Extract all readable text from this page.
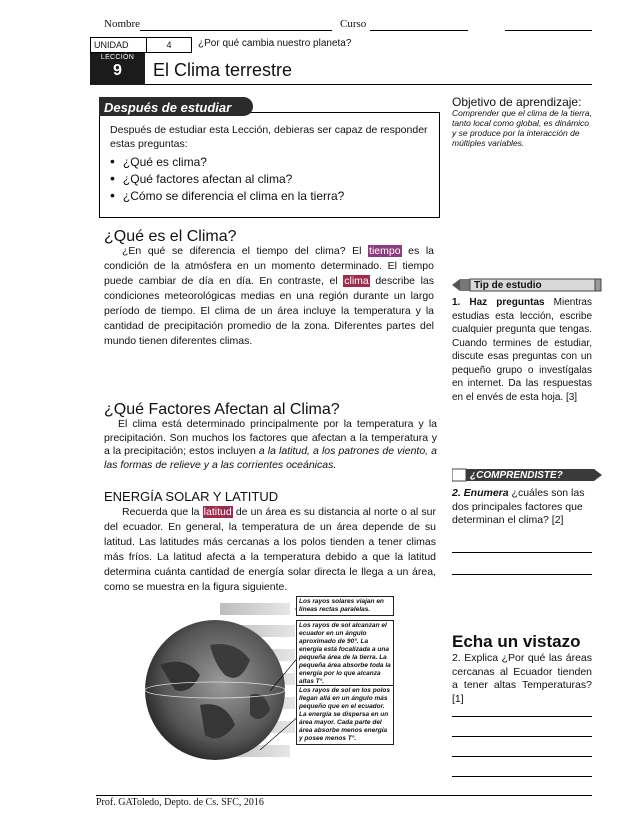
Nombre	Curso
UNIDAD	4	¿Por qué cambia nuestro planeta?
LECCIÓN
9	El Clima terrestre
Después de estudiar
Después de estudiar esta Lección, debieras ser capaz de responder estas preguntas:
• ¿Qué es clima?
• ¿Qué factores afectan al clima?
• ¿Cómo se diferencia el clima en la tierra?
Objetivo de aprendizaje:
Comprender que el clima de la tierra, tanto local como global, es dinámico y se produce por la interacción de múltiples variables.
¿Qué es el Clima?
¿En qué se diferencia el tiempo del clima? El tiempo es la condición de la atmósfera en un momento determinado. El tiempo puede cambiar de día en día. En contraste, el clima describe las condiciones meteorológicas medias en una región durante un largo período de tiempo. El clima de un área incluye la temperatura y la cantidad de precipitación promedio de la zona. Diferentes partes del mundo tienen diferentes climas.
Tip de estudio
1. Haz preguntas Mientras estudias esta lección, escribe cualquier pregunta que tengas. Cuando termines de estudiar, discute esas preguntas con un pequeño grupo o investígalas en internet. Da las respuestas en el envés de esta hoja. [3]
¿Qué Factores Afectan al Clima?
El clima está determinado principalmente por la temperatura y la precipitación. Son muchos los factores que afectan a la temperatura y a la precipitación; estos incluyen a la latitud, a los patrones de viento, a las formas de relieve y a las corrientes oceánicas.
¿COMPRENDISTE?
2. Enumera ¿cuáles son las dos principales factores que determinan el clima? [2]
ENERGÍA SOLAR Y LATITUD
Recuerda que la latitud de un área es su distancia al norte o al sur del ecuador. En general, la temperatura de un área depende de su latitud. Las latitudes más cercanas a los polos tienden a tener climas más fríos. La latitud afecta a la temperatura debido a que la latitud determina cuánta cantidad de energía solar directa le llega a un área, como se muestra en la figura siguiente.
Los rayos solares viajan en líneas rectas paralelas.
Los rayos de sol alcanzan el ecuador en un ángulo aproximado de 90°. La energía está focalizada a una pequeña área de la tierra. La pequeña área absorbe toda la energía por lo que alcanza altas T°.
Los rayos de sol en los polos llegan allá en un ángulo más pequeño que en el ecuador. La energía se dispersa en un área mayor. Cada parte del área absorbe menos energía y posee menos T°.
Echa un vistazo
2. Explica ¿Por qué las áreas cercanas al Ecuador tienden a tener altas Temperaturas? [1]
Prof. GAToledo, Depto. de Cs. SFC, 2016
